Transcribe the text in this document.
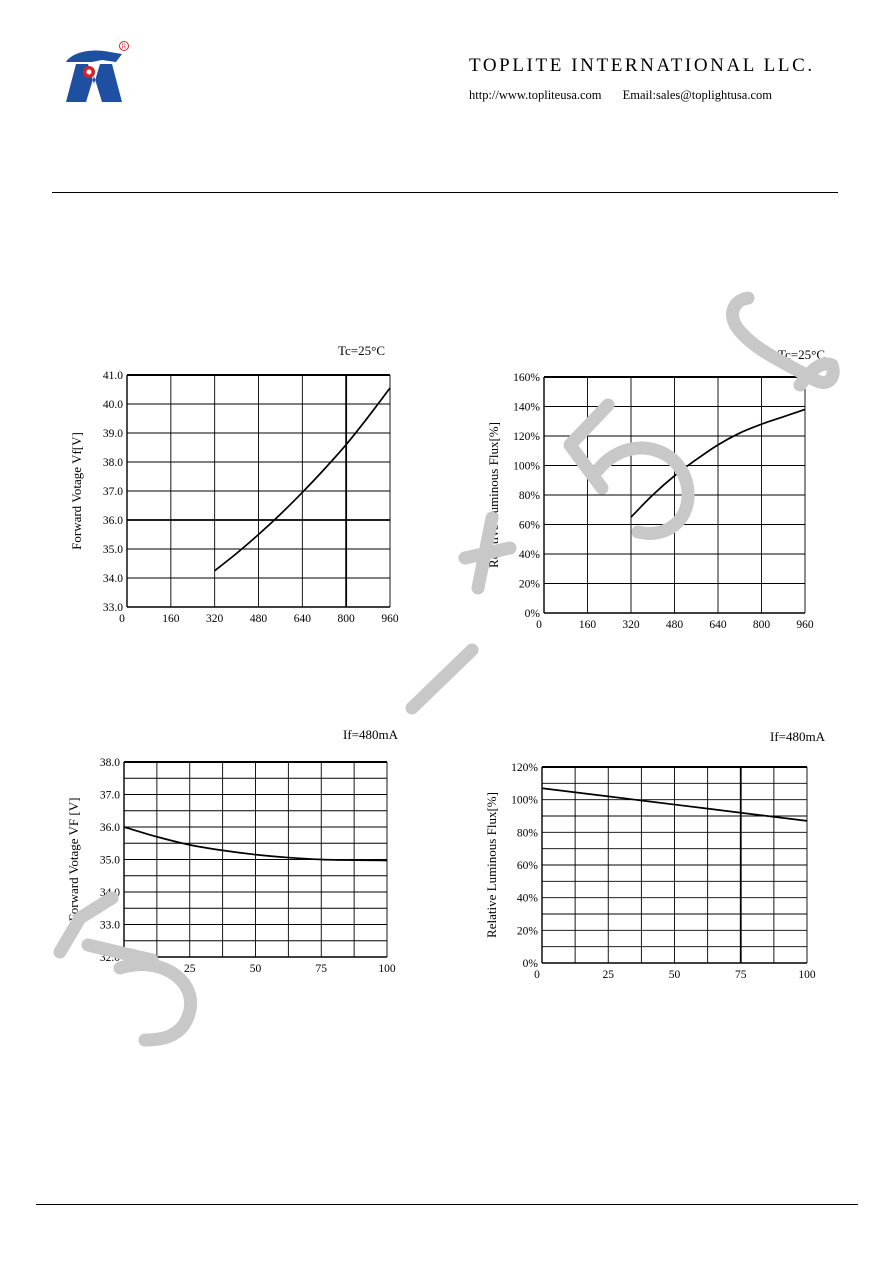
R
TOPLITE INTERNATIONAL LLC.
http://www.topliteusa.com Email:sales@toplightusa.com
33.0
34.0
35.0
36.0
37.0
38.0
39.0
40.0
41.0
0	160 320 480 640 800 960
Forward Votage Vf[V]
Tc=25°C
0%
20%
40%
60%
80%
100%
120%
140%
160%
0	160 320 480 640 800 960
Relative Luminous Flux[%]
Tc=25°C
32.0
33.0
34.0
35.0
36.0
37.0
38.0
0	25	50	75	100
Forward Votage VF [V]
If=480mA
0%
20%
40%
60%
80%
100%
120%
0	25	50	75	100
Relative Luminous Flux[%]
If=480mA
